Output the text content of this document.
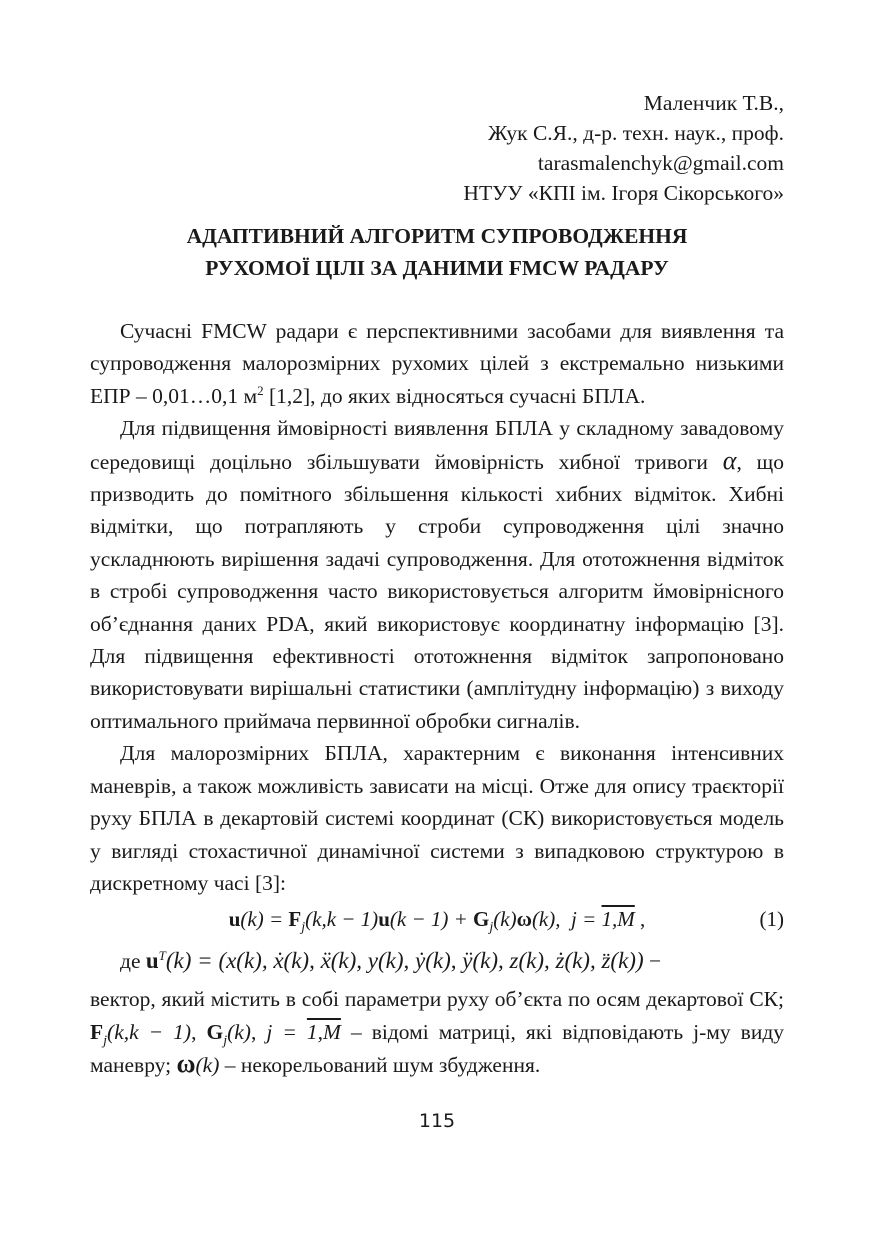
Маленчик Т.В.,
Жук С.Я., д-р. техн. наук., проф.
tarasmalenchyk@gmail.com
НТУУ «КПІ ім. Ігоря Сікорського»
АДАПТИВНИЙ АЛГОРИТМ СУПРОВОДЖЕННЯ
РУХОМОЇ ЦІЛІ ЗА ДАНИМИ FMCW РАДАРУ

Сучасні FMCW радари є перспективними засобами для виявлення та супроводження малорозмірних рухомих цілей з екстремально низькими ЕПР – 0,01…0,1 $м^2$ [1,2], до яких відносяться сучасні БПЛА.

Для підвищення ймовірності виявлення БПЛА у складному завадовому середовищі доцільно збільшувати ймовірність хибної тривоги α, що призводить до помітного збільшення кількості хибних відміток. Хибні відмітки, що потрапляють у строби супроводження цілі значно ускладнюють вирішення задачі супроводження. Для ототожнення відміток в стробі супроводження часто використовується алгоритм ймовірнісного об’єднання даних PDA, який використовує координатну інформацію [3]. Для підвищення ефективності ототожнення відміток запропоновано використовувати вирішальні статистики (амплітудну інформацію) з виходу оптимального приймача первинної обробки сигналів.

Для малорозмірних БПЛА, характерним є виконання інтенсивних маневрів, а також можливість зависати на місці. Отже для опису траєкторії руху БПЛА в декартовій системі координат (СК) використовується модель у вигляді стохастичної динамічної системи з випадковою структурою в дискретному часі [3]:

$u(k) = F_j(k,k - 1)u(k - 1) + G_j(k)\omega(k)$, j = 1,M ,	(1)

де $u^T(k) = (x(k)$, ẋ(k), ẍ(k), y(k), ẏ(k), ÿ(k), z(k), ż(k), z̈(k)) −

вектор, який містить в собі параметри руху об’єкта по осям декартової СК; $F_j(k,k - 1)$, $G_j(k)$, j = 1,M – відомі матриці, які відповідають j-му виду маневру; ω(k) – некорельований шум збудження.

115
